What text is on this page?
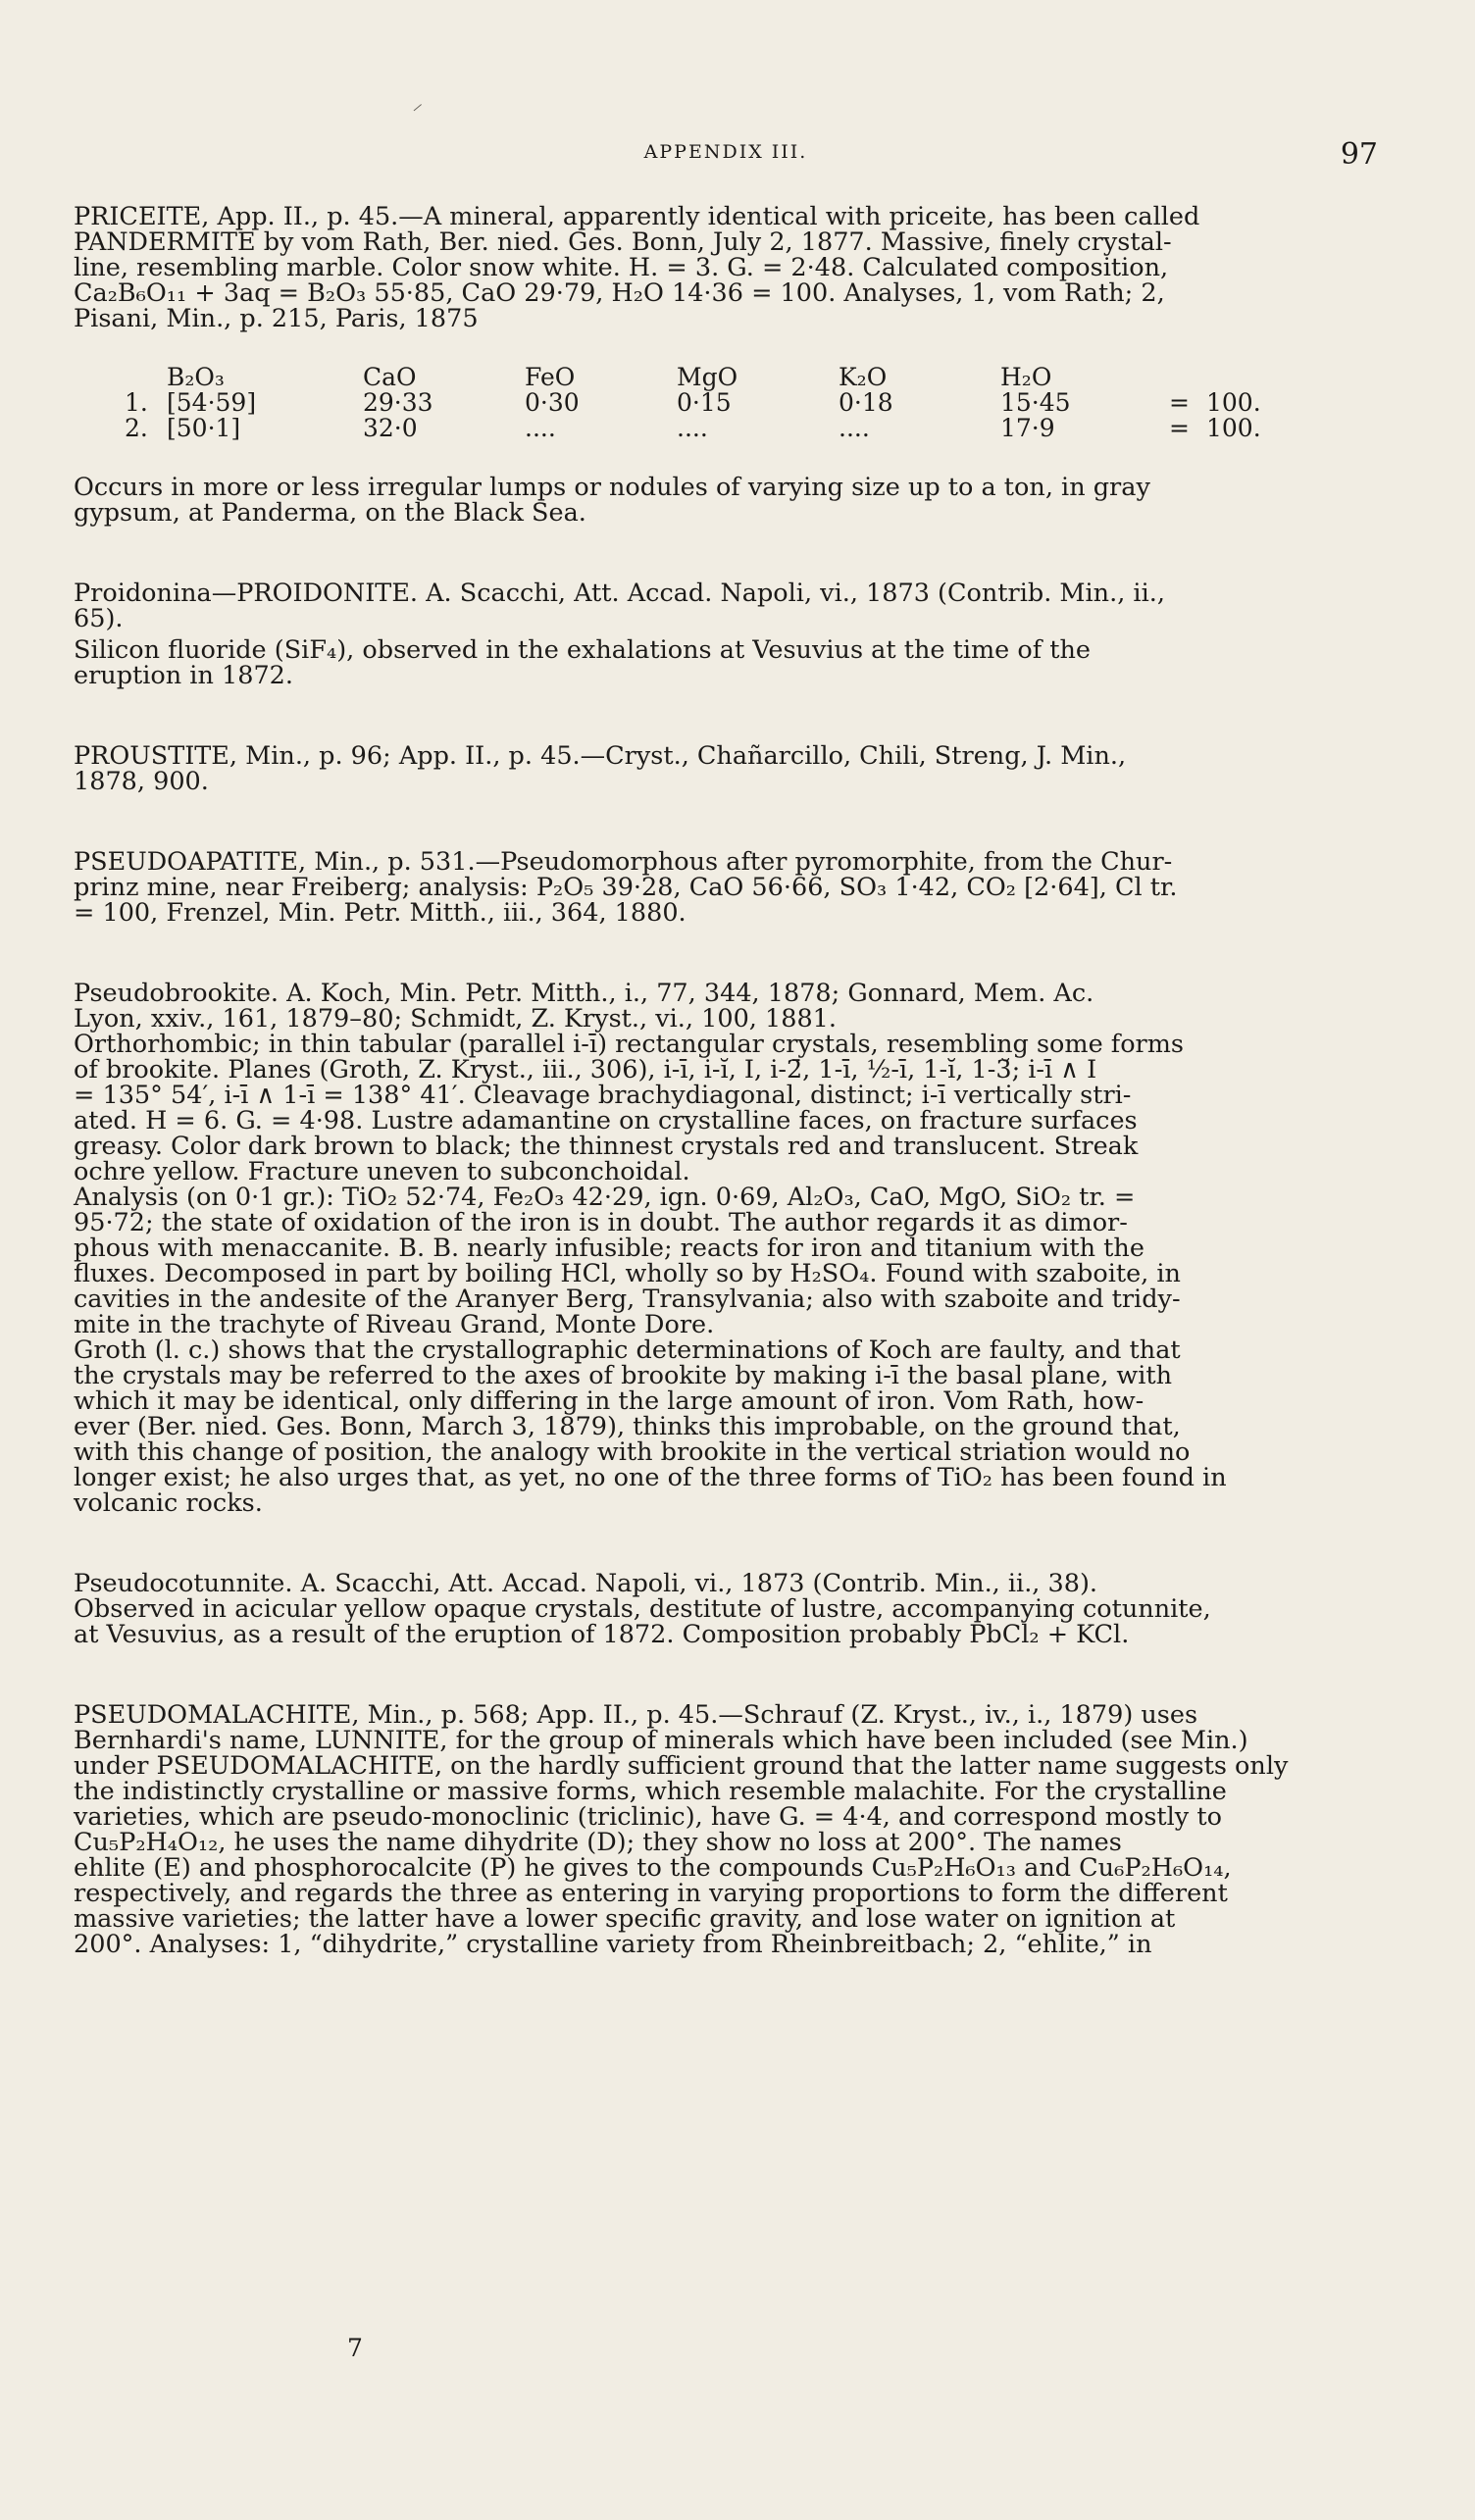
APPENDIX III.	97
PRICEITE, App. II., p. 45.—A mineral, apparently identical with priceite, has been called
PANDERMITE by vom Rath, Ber. nied. Ges. Bonn, July 2, 1877. Massive, finely crystal-
line, resembling marble. Color snow white. H. = 3. G. = 2·48. Calculated composition,
Ca₂B₆O₁₁ + 3aq = B₂O₃ 55·85, CaO 29·79, H₂O 14·36 = 100. Analyses, 1, vom Rath; 2,
Pisani, Min., p. 215, Paris, 1875
B₂O₃	CaO	FeO	MgO	K₂O	H₂O
1. [54·59]	29·33	0·30	0·15	0·18	15·45	= 100.
2. [50·1]	32·0	....	....	....	17·9	= 100.
Occurs in more or less irregular lumps or nodules of varying size up to a ton, in gray
gypsum, at Panderma, on the Black Sea.
Proidonina—PROIDONITE. A. Scacchi, Att. Accad. Napoli, vi., 1873 (Contrib. Min., ii.,
65).
Silicon fluoride (SiF₄), observed in the exhalations at Vesuvius at the time of the
eruption in 1872.
PROUSTITE, Min., p. 96; App. II., p. 45.—Cryst., Chañarcillo, Chili, Streng, J. Min.,
1878, 900.
PSEUDOAPATITE, Min., p. 531.—Pseudomorphous after pyromorphite, from the Chur-
prinz mine, near Freiberg; analysis: P₂O₅ 39·28, CaO 56·66, SO₃ 1·42, CO₂ [2·64], Cl tr.
= 100, Frenzel, Min. Petr. Mitth., iii., 364, 1880.
Pseudobrookite. A. Koch, Min. Petr. Mitth., i., 77, 344, 1878; Gonnard, Mem. Ac.
Lyon, xxiv., 161, 1879–80; Schmidt, Z. Kryst., vi., 100, 1881.
Orthorhombic; in thin tabular (parallel i-ī) rectangular crystals, resembling some forms
of brookite. Planes (Groth, Z. Kryst., iii., 306), i-ī, i-ĭ, I, i-2̄, 1-ī, ½-ī, 1-ĭ, 1-3̆; i-ī ∧ I
= 135° 54′, i-ī ∧ 1-ī = 138° 41′. Cleavage brachydiagonal, distinct; i-ī vertically stri-
ated. H = 6. G. = 4·98. Lustre adamantine on crystalline faces, on fracture surfaces
greasy. Color dark brown to black; the thinnest crystals red and translucent. Streak
ochre yellow. Fracture uneven to subconchoidal.
Analysis (on 0·1 gr.): TiO₂ 52·74, Fe₂O₃ 42·29, ign. 0·69, Al₂O₃, CaO, MgO, SiO₂ tr. =
95·72; the state of oxidation of the iron is in doubt. The author regards it as dimor-
phous with menaccanite. B. B. nearly infusible; reacts for iron and titanium with the
fluxes. Decomposed in part by boiling HCl, wholly so by H₂SO₄. Found with szaboite, in
cavities in the andesite of the Aranyer Berg, Transylvania; also with szaboite and tridy-
mite in the trachyte of Riveau Grand, Monte Dore.
Groth (l. c.) shows that the crystallographic determinations of Koch are faulty, and that
the crystals may be referred to the axes of brookite by making i-ī the basal plane, with
which it may be identical, only differing in the large amount of iron. Vom Rath, how-
ever (Ber. nied. Ges. Bonn, March 3, 1879), thinks this improbable, on the ground that,
with this change of position, the analogy with brookite in the vertical striation would no
longer exist; he also urges that, as yet, no one of the three forms of TiO₂ has been found in
volcanic rocks.
Pseudocotunnite. A. Scacchi, Att. Accad. Napoli, vi., 1873 (Contrib. Min., ii., 38).
Observed in acicular yellow opaque crystals, destitute of lustre, accompanying cotunnite,
at Vesuvius, as a result of the eruption of 1872. Composition probably PbCl₂ + KCl.
PSEUDOMALACHITE, Min., p. 568; App. II., p. 45.—Schrauf (Z. Kryst., iv., i., 1879) uses
Bernhardi's name, LUNNITE, for the group of minerals which have been included (see Min.)
under PSEUDOMALACHITE, on the hardly sufficient ground that the latter name suggests only
the indistinctly crystalline or massive forms, which resemble malachite. For the crystalline
varieties, which are pseudo-monoclinic (triclinic), have G. = 4·4, and correspond mostly to
Cu₅P₂H₄O₁₂, he uses the name dihydrite (D); they show no loss at 200°. The names
ehlite (E) and phosphorocalcite (P) he gives to the compounds Cu₅P₂H₆O₁₃ and Cu₆P₂H₆O₁₄,
respectively, and regards the three as entering in varying proportions to form the different
massive varieties; the latter have a lower specific gravity, and lose water on ignition at
200°. Analyses: 1, “dihydrite,” crystalline variety from Rheinbreitbach; 2, “ehlite,” in
7
